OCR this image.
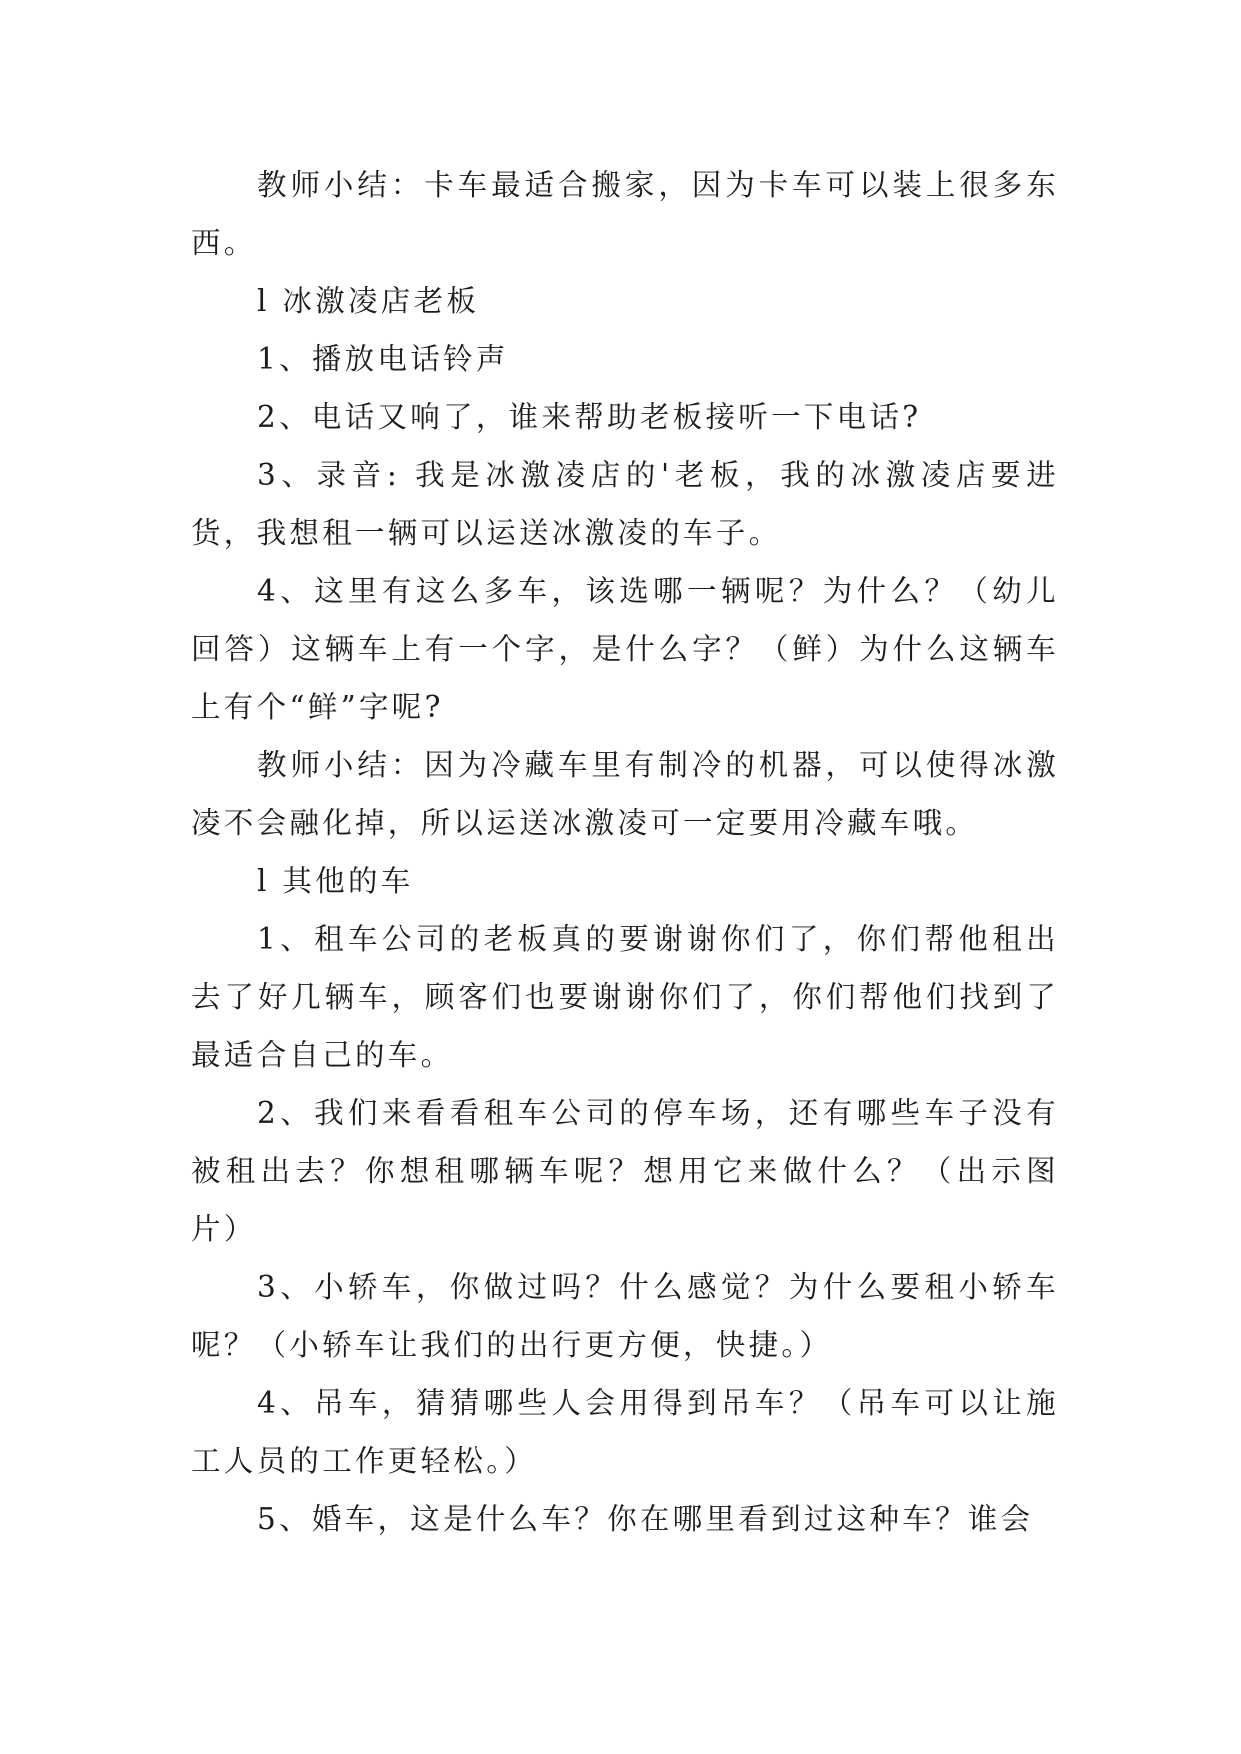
教师小结：卡车最适合搬家，因为卡车可以装上很多东西。

l 冰激凌店老板

1、播放电话铃声

2、电话又响了，谁来帮助老板接听一下电话?

3、录音: 我是冰激凌店的'老板，我的冰激凌店要进货，我想租一辆可以运送冰激凌的车子。

4、这里有这么多车，该选哪一辆呢？为什么？（幼儿回答）这辆车上有一个字，是什么字？（鲜）为什么这辆车上有个“鲜”字呢?

教师小结：因为冷藏车里有制冷的机器，可以使得冰激凌不会融化掉，所以运送冰激凌可一定要用冷藏车哦。

l 其他的车

1、租车公司的老板真的要谢谢你们了，你们帮他租出去了好几辆车，顾客们也要谢谢你们了，你们帮他们找到了最适合自己的车。

2、我们来看看租车公司的停车场，还有哪些车子没有被租出去？你想租哪辆车呢？想用它来做什么？（出示图片）

3、小轿车，你做过吗？什么感觉？为什么要租小轿车呢？（小轿车让我们的出行更方便，快捷。）

4、吊车，猜猜哪些人会用得到吊车？（吊车可以让施工人员的工作更轻松。）

5、婚车，这是什么车？你在哪里看到过这种车？谁会
